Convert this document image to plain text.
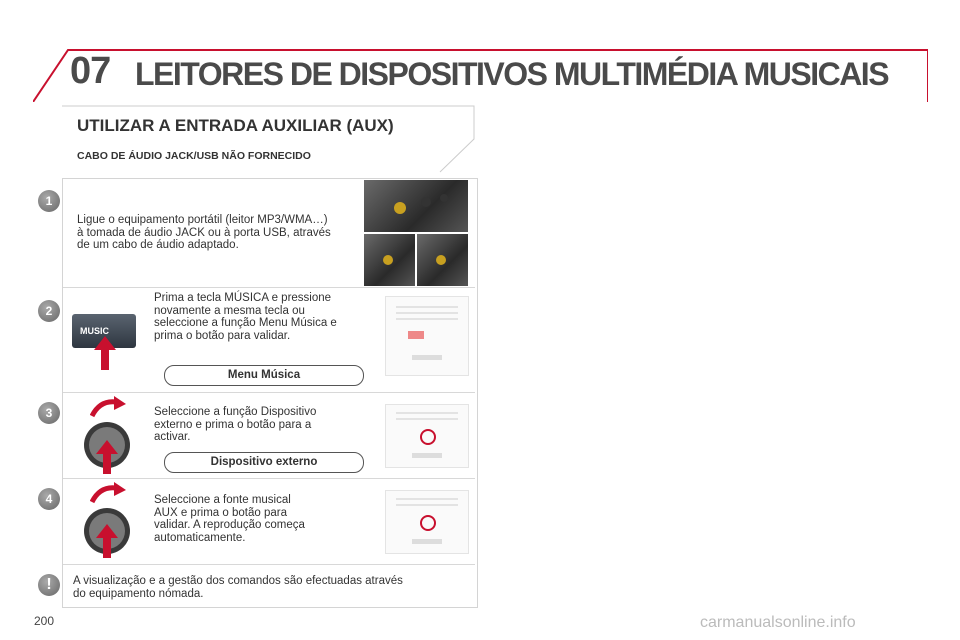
07 LEITORES DE DISPOSITIVOS MULTIMÉDIA MUSICAIS
UTILIZAR A ENTRADA AUXILIAR (AUX)
CABO DE ÁUDIO JACK/USB NÃO FORNECIDO
1
Ligue o equipamento portátil (leitor MP3/WMA…)
à tomada de áudio JACK ou à porta USB, através
de um cabo de áudio adaptado.
2
MUSIC
Prima a tecla MÚSICA e pressione
novamente a mesma tecla ou
seleccione a função Menu Música e
prima o botão para validar.
Menu Música
3	Seleccione a função Dispositivo
externo e prima o botão para a
activar.
Dispositivo externo
4	Seleccione a fonte musical
AUX e prima o botão para
validar. A reprodução começa
automaticamente.
!	A visualização e a gestão dos comandos são efectuadas através
do equipamento nómada.
200	carmanualsonline.info
